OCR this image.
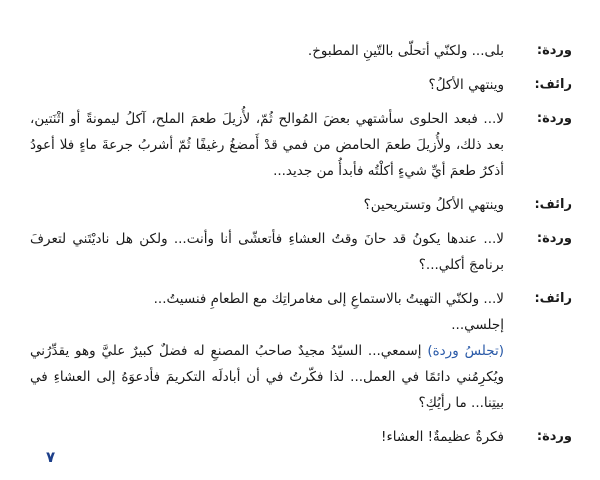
وردة:
بلى... ولكنّي أتحلّى بالتّينِ المطبوخ.
رائف:
وينتهي الأكلُ؟
وردة:
لا... فبعد الحلوى سأشتهي بعضَ المُوالح ثُمّ، لأُزيلَ طعمَ الملح، آكلُ ليمونةً أو اثْنَتين، بعد ذلك، ولأُزيلَ طعمَ الحامض من فمي قدْ أَمضغُ رغيفًا ثُمّ أشربُ جرعةَ ماءٍ فلا أعودُ أذكرُ طعمَ أيِّ شيءٍ أكلْتُه فأبدأُ من جديد...
رائف:
وينتهي الأكلُ وتستريحين؟
وردة:
لا... عندها يكونُ قد حانَ وقتُ العشاءِ فأتعشّى أنا وأنت... ولكن هل ناديْتَني لتعرفَ برنامجَ أكلي...؟
رائف:
لا... ولكنّي التهيتُ بالاستماعِ إلى مغامراتِك مع الطعامِ فنسيتُ...
إجلسي...
(تجلسُ وردة) إسمعي... السيّدُ مجيدٌ صاحبُ المصنعِ له فضلٌ كبيرٌ عليَّ وهو يقدِّرُني ويُكرِمُني دائمًا في العمل... لذا فكّرتُ في أن أبادلَه التكريمَ فأدعوَهُ إلى العشاءِ في بيتِنا... ما رأيُكِ؟
وردة:
فكرةٌ عظيمةٌ! العشاء!
٧
